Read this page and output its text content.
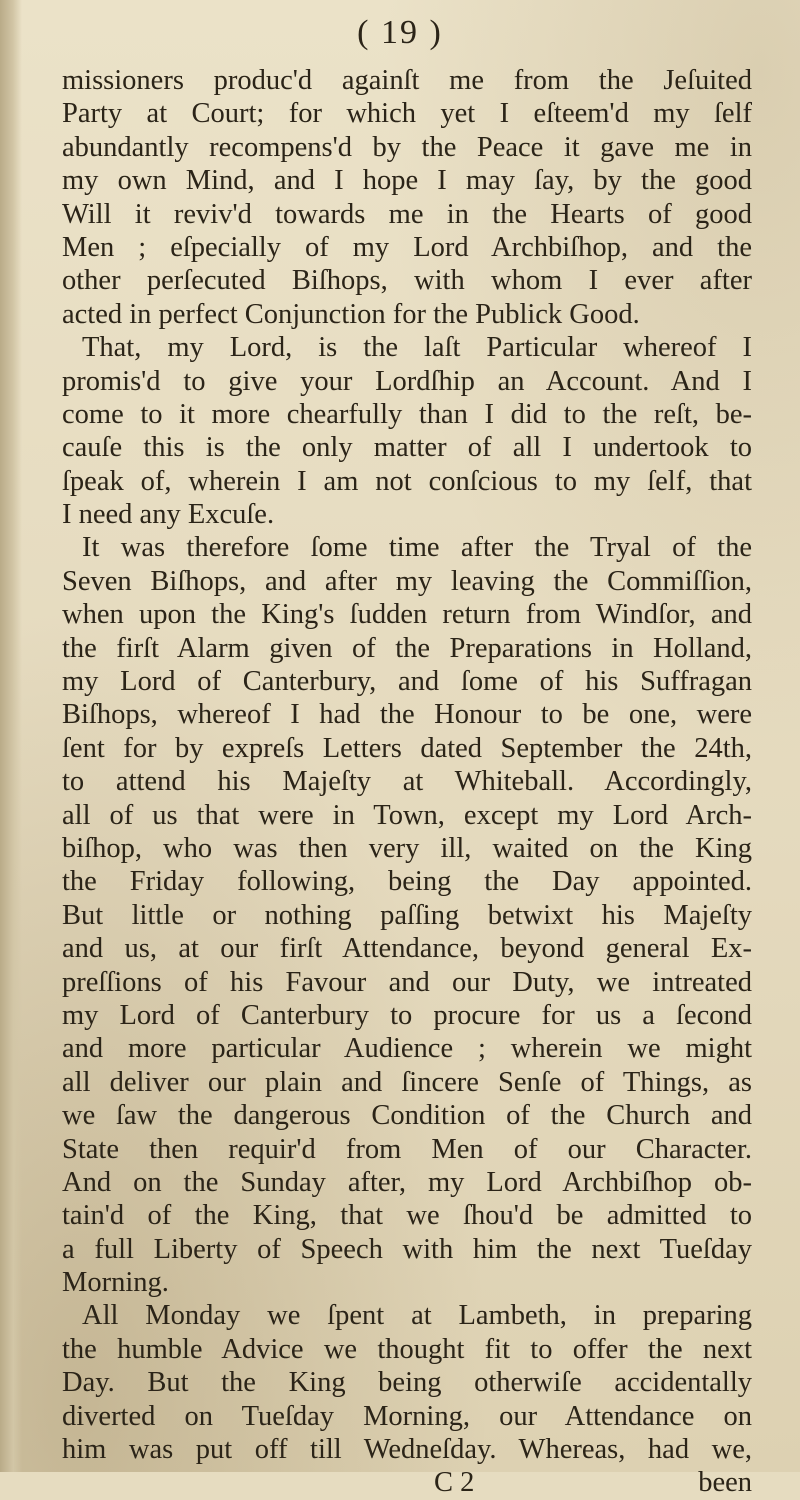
( 19 )
missioners produc'd againſt me from the Jeſuited
Party at Court; for which yet I eſteem'd my ſelf
abundantly recompens'd by the Peace it gave me in
my own Mind, and I hope I may ſay, by the good
Will it reviv'd towards me in the Hearts of good
Men ; eſpecially of my Lord Archbiſhop, and the
other perſecuted Biſhops, with whom I ever after
acted in perfect Conjunction for the Publick Good.
That, my Lord, is the laſt Particular whereof I
promis'd to give your Lordſhip an Account. And I
come to it more chearfully than I did to the reſt, be-
cauſe this is the only matter of all I undertook to
ſpeak of, wherein I am not conſcious to my ſelf, that
I need any Excuſe.
It was therefore ſome time after the Tryal of the
Seven Biſhops, and after my leaving the Commiſſion,
when upon the King's ſudden return from Windſor, and
the firſt Alarm given of the Preparations in Holland,
my Lord of Canterbury, and ſome of his Suffragan
Biſhops, whereof I had the Honour to be one, were
ſent for by expreſs Letters dated September the 24th,
to attend his Majeſty at Whiteball. Accordingly,
all of us that were in Town, except my Lord Arch-
biſhop, who was then very ill, waited on the King
the Friday following, being the Day appointed.
But little or nothing paſſing betwixt his Majeſty
and us, at our firſt Attendance, beyond general Ex-
preſſions of his Favour and our Duty, we intreated
my Lord of Canterbury to procure for us a ſecond
and more particular Audience ; wherein we might
all deliver our plain and ſincere Senſe of Things, as
we ſaw the dangerous Condition of the Church and
State then requir'd from Men of our Character.
And on the Sunday after, my Lord Archbiſhop ob-
tain'd of the King, that we ſhou'd be admitted to
a full Liberty of Speech with him the next Tueſday
Morning.
All Monday we ſpent at Lambeth, in preparing
the humble Advice we thought fit to offer the next
Day. But the King being otherwiſe accidentally
diverted on Tueſday Morning, our Attendance on
him was put off till Wedneſday. Whereas, had we,
C 2	been
